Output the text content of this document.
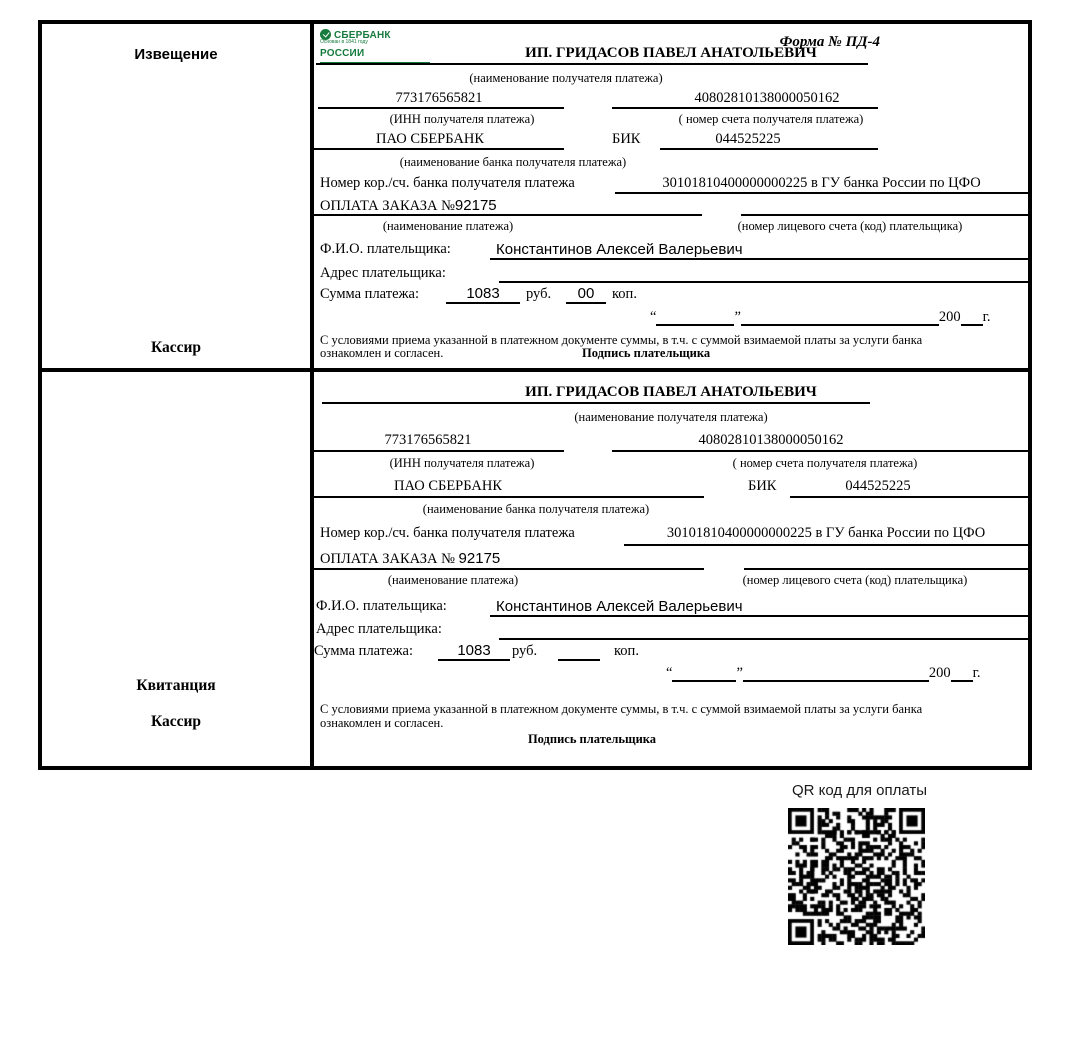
Извещение
Кассир
СБЕРБАНК РОССИИ
Основан в 1841 году	Форма № ПД-4
ИП. ГРИДАСОВ ПАВЕЛ АНАТОЛЬЕВИЧ
(наименование получателя платежа)
773176565821	40802810138000050162
(ИНН получателя платежа)	( номер счета получателя платежа)
ПАО СБЕРБАНК	БИК	044525225
(наименование банка получателя платежа)
Номер кор./сч. банка получателя платежа	30101810400000000225 в ГУ банка России по ЦФО
ОПЛАТА ЗАКАЗА №92175
(наименование платежа)	(номер лицевого счета (код) плательщика)
Ф.И.О. плательщика:	Константинов Алексей Валерьевич
Адрес плательщика:
Сумма платежа:	1083	руб.	00	коп.
“	”	200 г.
С условиями приема указанной в платежном документе суммы, в т.ч. с суммой взимаемой платы за услуги банка
ознакомлен и согласен.	Подпись плательщика
Квитанция
Кассир
ИП. ГРИДАСОВ ПАВЕЛ АНАТОЛЬЕВИЧ
(наименование получателя платежа)
773176565821	40802810138000050162
(ИНН получателя платежа)	( номер счета получателя платежа)
ПАО СБЕРБАНК	БИК	044525225
(наименование банка получателя платежа)
Номер кор./сч. банка получателя платежа	30101810400000000225 в ГУ банка России по ЦФО
ОПЛАТА ЗАКАЗА № 92175
(наименование платежа)	(номер лицевого счета (код) плательщика)
Ф.И.О. плательщика:	Константинов Алексей Валерьевич
Адрес плательщика:
Сумма платежа:	1083	руб.	коп.
“	”	200 г.
С условиями приема указанной в платежном документе суммы, в т.ч. с суммой взимаемой платы за услуги банка
ознакомлен и согласен.
Подпись плательщика
QR код для оплаты
